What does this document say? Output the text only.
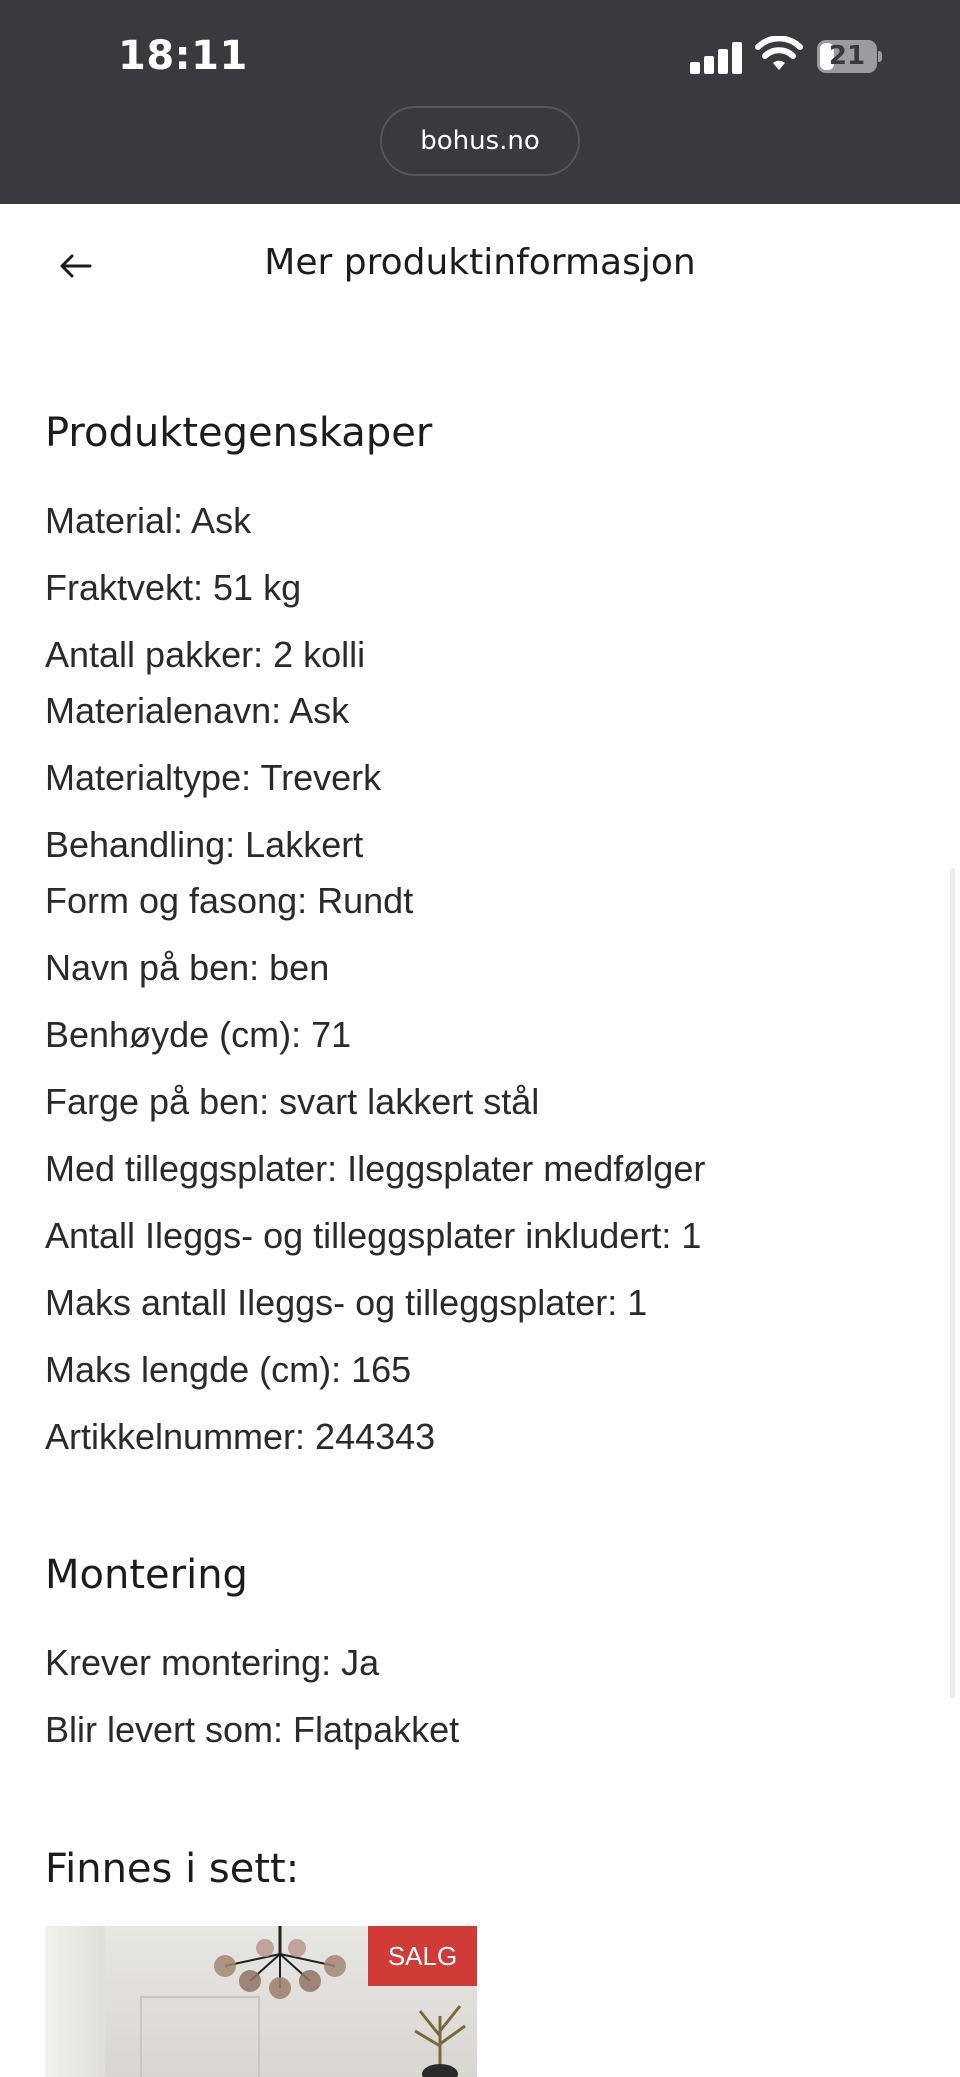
18:11	21
bohus.no
Mer produktinformasjon
Produktegenskaper
Material: Ask
Fraktvekt: 51 kg
Antall pakker: 2 kolli
Materialenavn: Ask
Materialtype: Treverk
Behandling: Lakkert
Form og fasong: Rundt
Navn på ben: ben
Benhøyde (cm): 71
Farge på ben: svart lakkert stål
Med tilleggsplater: Ileggsplater medfølger
Antall Ileggs- og tilleggsplater inkludert: 1
Maks antall Ileggs- og tilleggsplater: 1
Maks lengde (cm): 165
Artikkelnummer: 244343
Montering
Krever montering: Ja
Blir levert som: Flatpakket
Finnes i sett:
SALG
